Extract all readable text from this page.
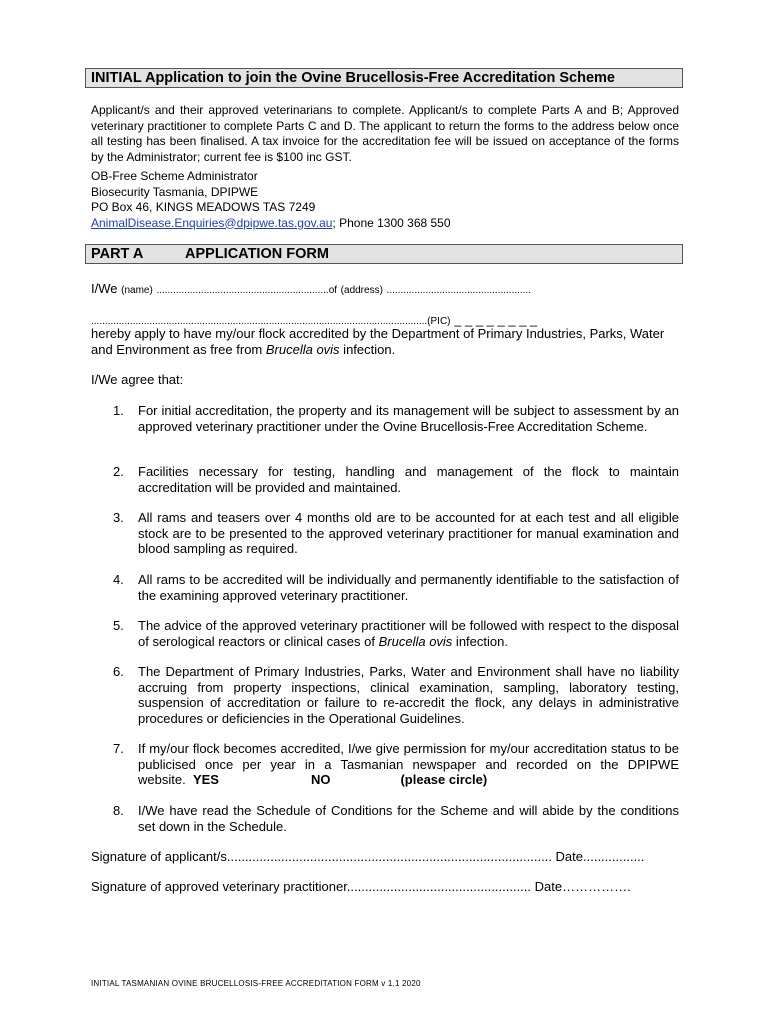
INITIAL Application to join the Ovine Brucellosis-Free Accreditation Scheme
Applicant/s and their approved veterinarians to complete. Applicant/s to complete Parts A and B; Approved veterinary practitioner to complete Parts C and D. The applicant to return the forms to the address below once all testing has been finalised. A tax invoice for the accreditation fee will be issued on acceptance of the forms by the Administrator; current fee is $100 inc GST.
OB-Free Scheme Administrator
Biosecurity Tasmania, DPIPWE
PO Box 46, KINGS MEADOWS TAS 7249
AnimalDisease.Enquiries@dpipwe.tas.gov.au; Phone 1300 368 550
PART A	APPLICATION FORM
I/We (name) ..............................................................of (address) ....................................................
.........................................................................................................................(PIC) _ _ _ _ _ _ _ _
hereby apply to have my/our flock accredited by the Department of Primary Industries, Parks, Water and Environment as free from Brucella ovis infection.
I/We agree that:
1.	For initial accreditation, the property and its management will be subject to assessment by an approved veterinary practitioner under the Ovine Brucellosis-Free Accreditation Scheme.
2.	Facilities necessary for testing, handling and management of the flock to maintain accreditation will be provided and maintained.
3.	All rams and teasers over 4 months old are to be accounted for at each test and all eligible stock are to be presented to the approved veterinary practitioner for manual examination and blood sampling as required.
4.	All rams to be accredited will be individually and permanently identifiable to the satisfaction of the examining approved veterinary practitioner.
5.	The advice of the approved veterinary practitioner will be followed with respect to the disposal of serological reactors or clinical cases of Brucella ovis infection.
6.	The Department of Primary Industries, Parks, Water and Environment shall have no liability accruing from property inspections, clinical examination, sampling, laboratory testing, suspension of accreditation or failure to re-accredit the flock, any delays in administrative procedures or deficiencies in the Operational Guidelines.
7.	If my/our flock becomes accredited, I/we give permission for my/our accreditation status to be publicised once per year in a Tasmanian newspaper and recorded on the DPIPWE website. YES	NO	(please circle)
8.	I/We have read the Schedule of Conditions for the Scheme and will abide by the conditions set down in the Schedule.
Signature of applicant/s.......................................................................................... Date.................
Signature of approved veterinary practitioner................................................... Date…………….
INITIAL TASMANIAN OVINE BRUCELLOSIS-FREE ACCREDITATION FORM v 1.1 2020
